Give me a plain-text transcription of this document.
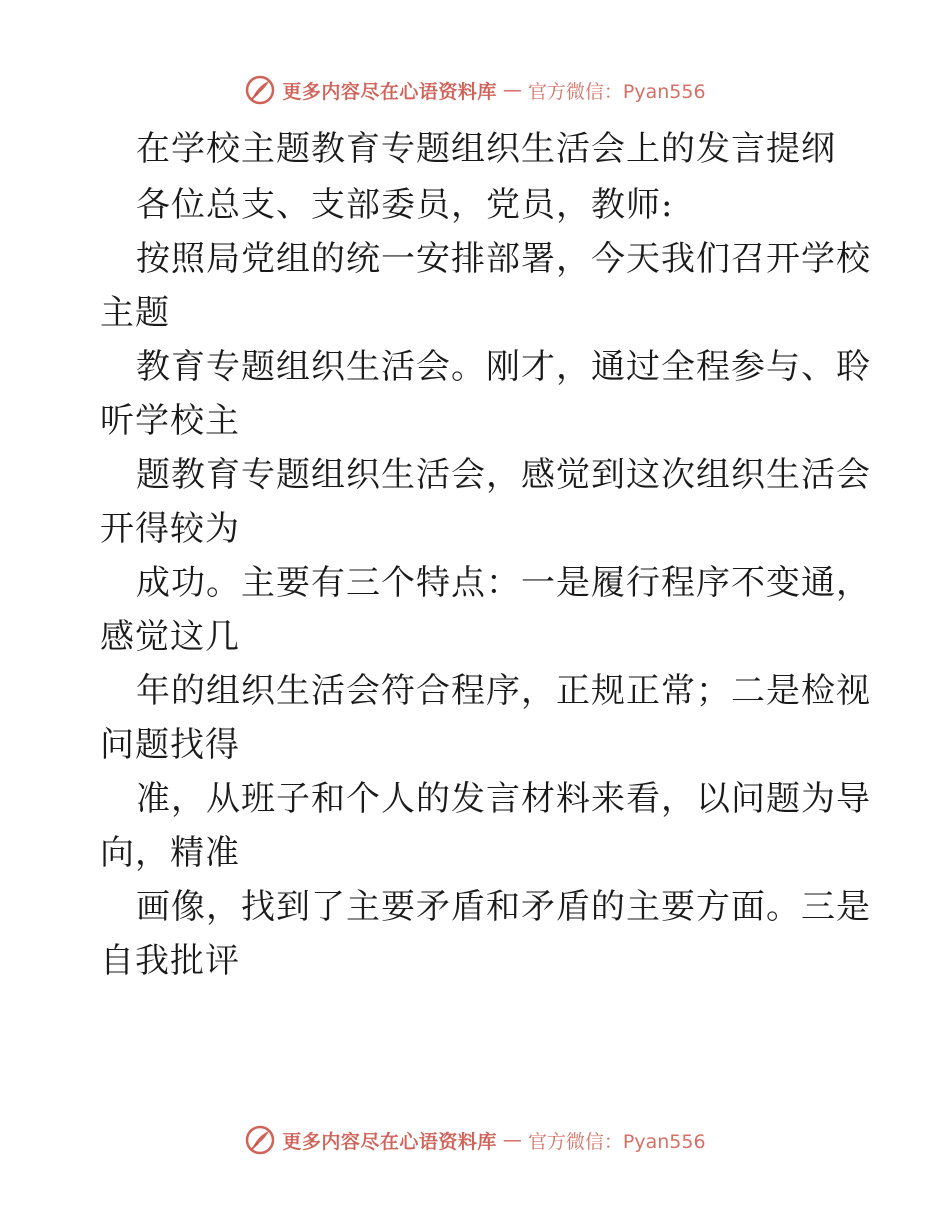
更多内容尽在心语资料库 — 官方微信：Pyan556
在学校主题教育专题组织生活会上的发言提纲
各位总支、支部委员，党员，教师:
按照局党组的统一安排部署，今天我们召开学校
主题
教育专题组织生活会。刚才，通过全程参与、聆
听学校主
题教育专题组织生活会，感觉到这次组织生活会
开得较为
成功。主要有三个特点：一是履行程序不变通，
感觉这几
年的组织生活会符合程序，正规正常；二是检视
问题找得
准，从班子和个人的发言材料来看，以问题为导
向，精准
画像，找到了主要矛盾和矛盾的主要方面。三是
自我批评
更多内容尽在心语资料库 — 官方微信：Pyan556
